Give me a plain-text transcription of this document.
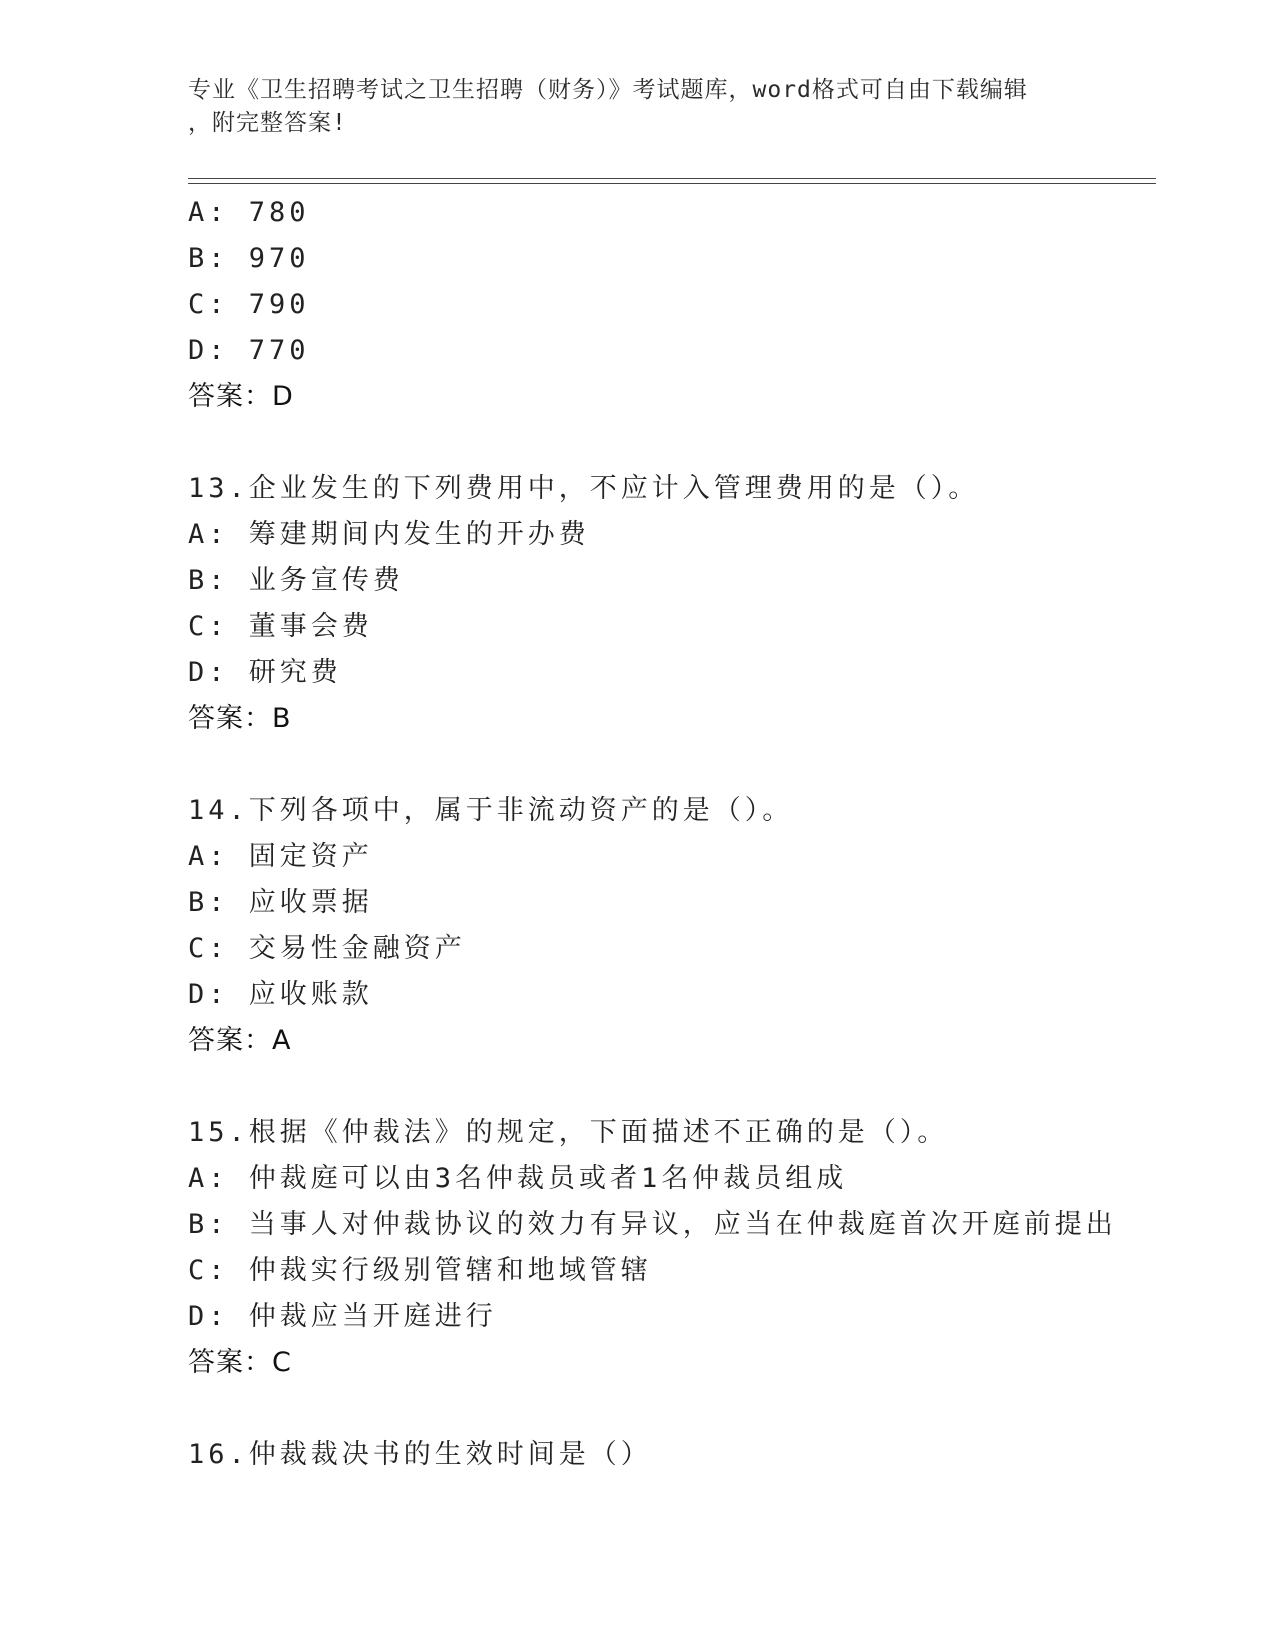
专业《卫生招聘考试之卫生招聘（财务）》考试题库，word格式可自由下载编辑
，附完整答案!
A: 780
B: 970
C: 790
D: 770
答案：D
13.企业发生的下列费用中，不应计入管理费用的是（）。
A: 筹建期间内发生的开办费
B: 业务宣传费
C: 董事会费
D: 研究费
答案：B
14.下列各项中，属于非流动资产的是（）。
A: 固定资产
B: 应收票据
C: 交易性金融资产
D: 应收账款
答案：A
15.根据《仲裁法》的规定，下面描述不正确的是（）。
A: 仲裁庭可以由3名仲裁员或者1名仲裁员组成
B: 当事人对仲裁协议的效力有异议，应当在仲裁庭首次开庭前提出
C: 仲裁实行级别管辖和地域管辖
D: 仲裁应当开庭进行
答案：C
16.仲裁裁决书的生效时间是（）
